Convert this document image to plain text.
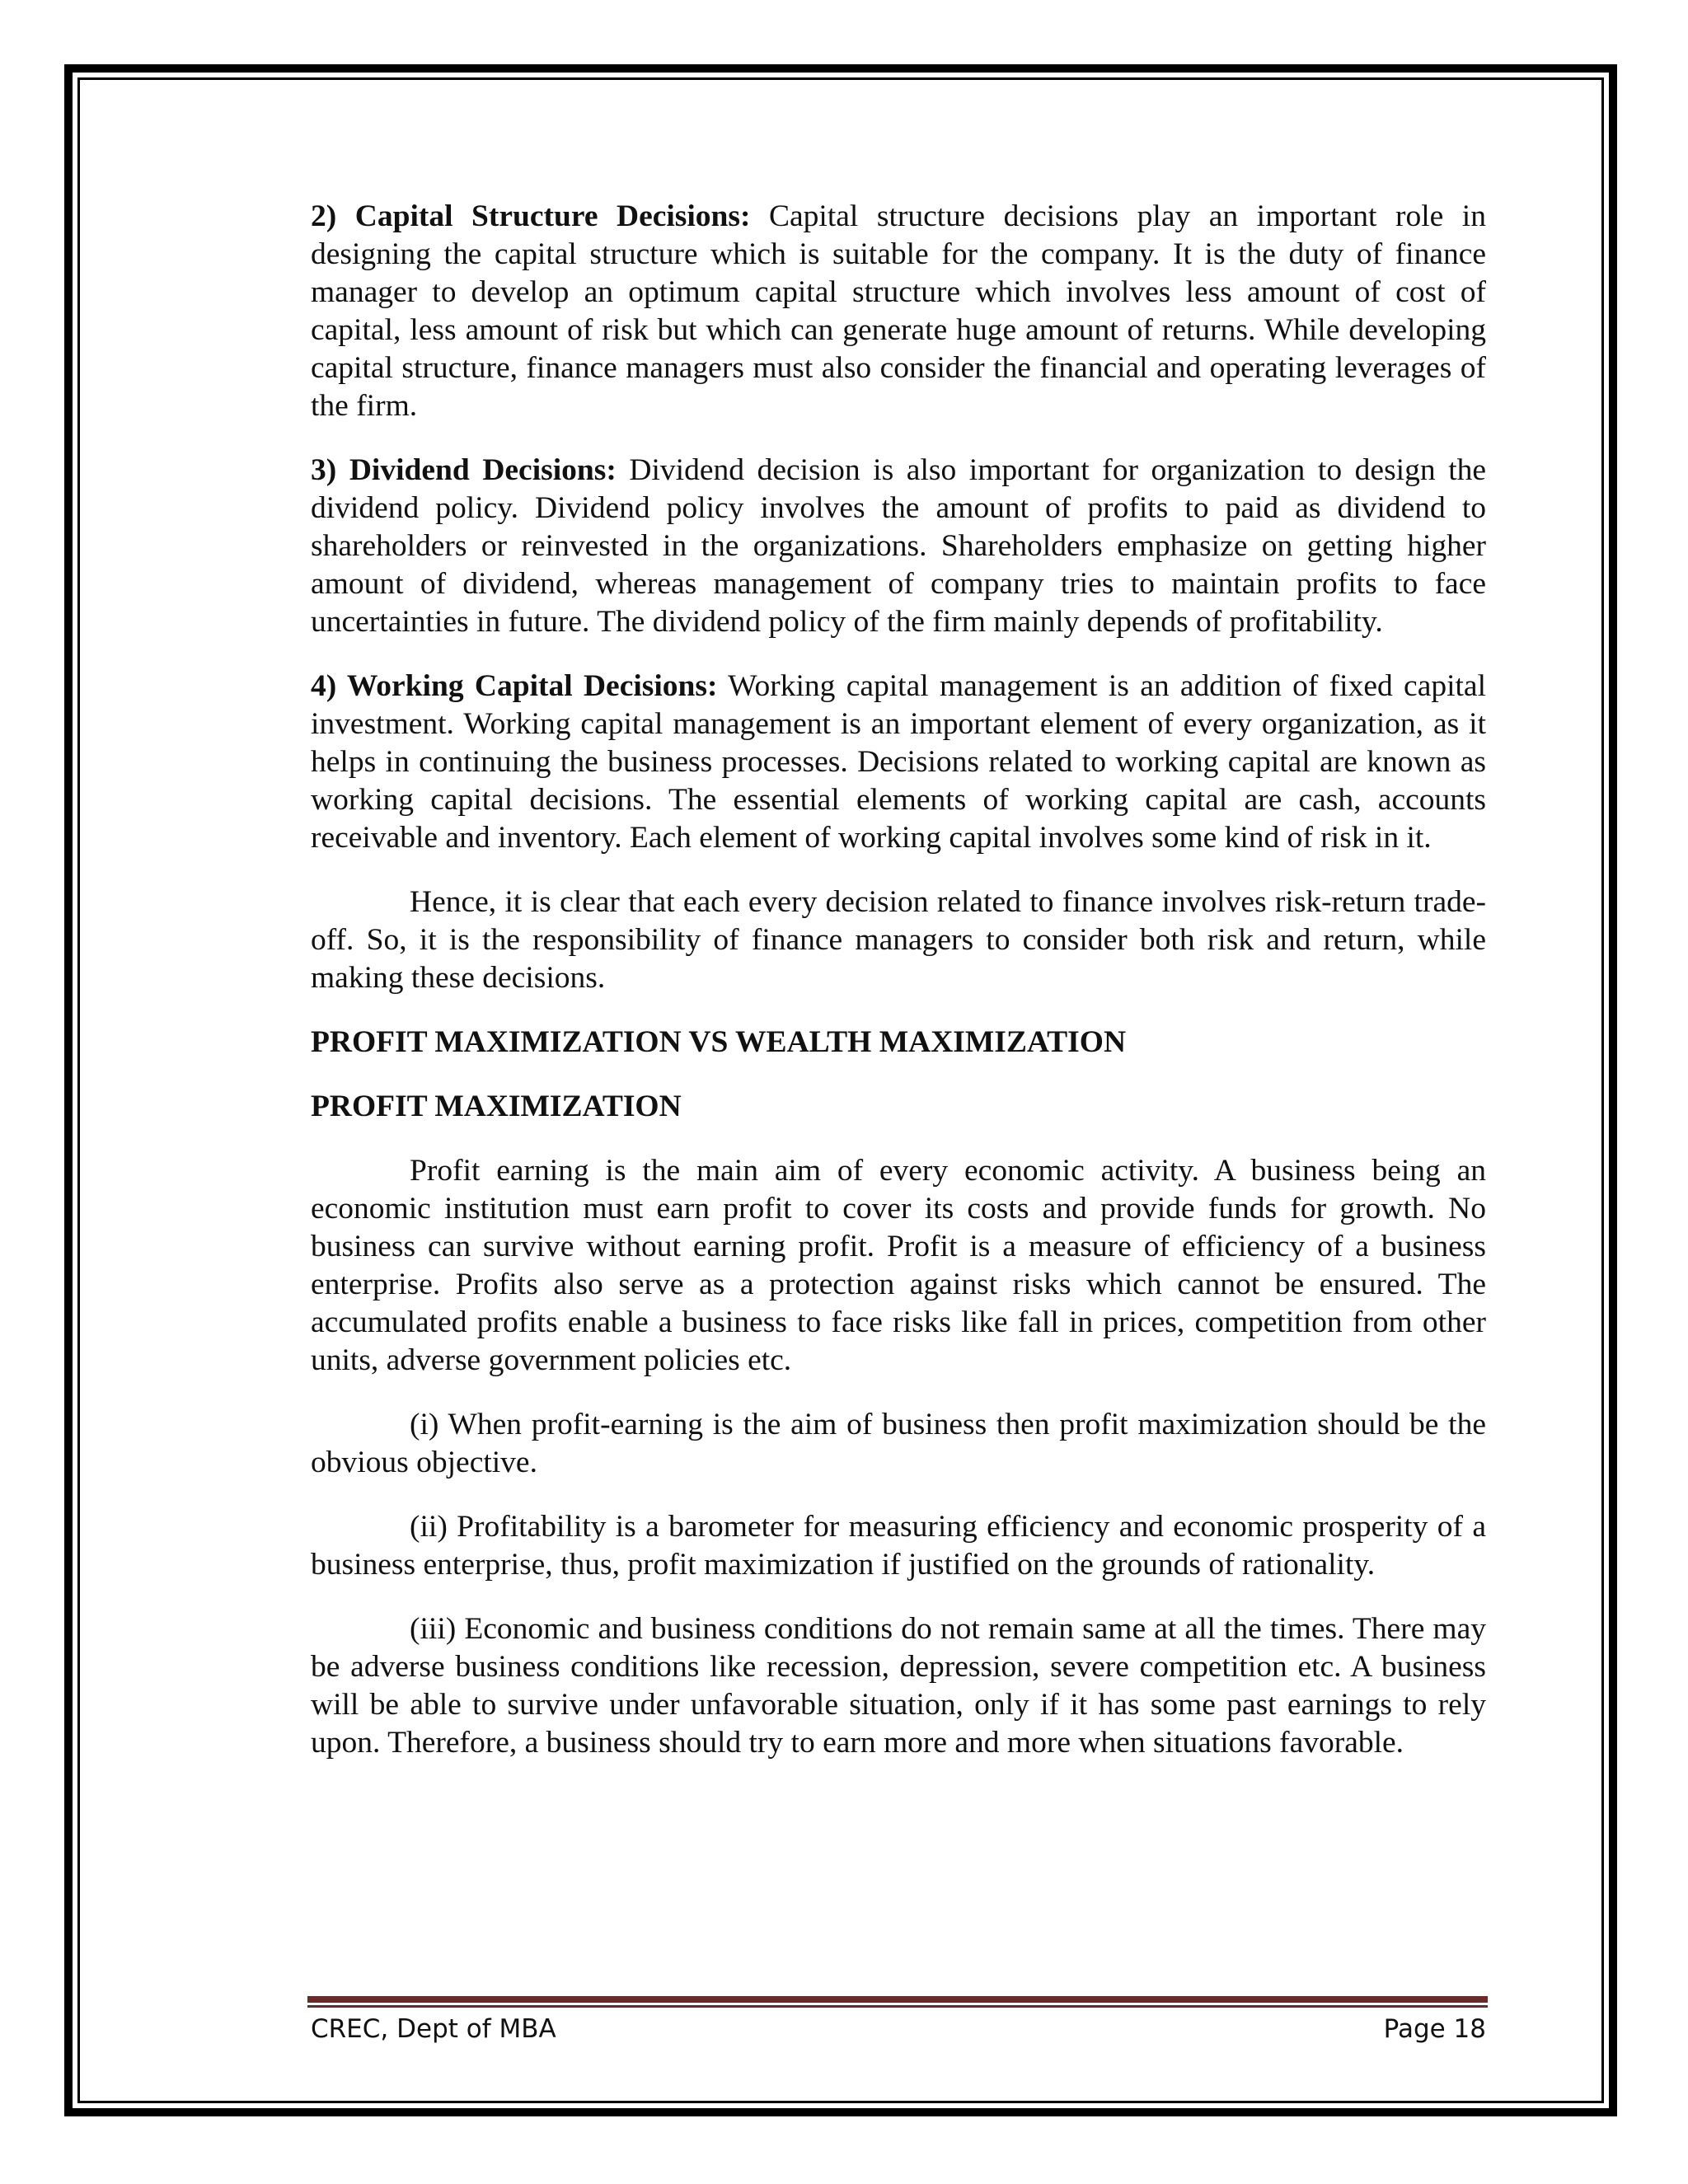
2) Capital Structure Decisions: Capital structure decisions play an important role in designing the capital structure which is suitable for the company. It is the duty of finance manager to develop an optimum capital structure which involves less amount of cost of capital, less amount of risk but which can generate huge amount of returns. While developing capital structure, finance managers must also consider the financial and operating leverages of the firm.

3) Dividend Decisions: Dividend decision is also important for organization to design the dividend policy. Dividend policy involves the amount of profits to paid as dividend to shareholders or reinvested in the organizations. Shareholders emphasize on getting higher amount of dividend, whereas management of company tries to maintain profits to face uncertainties in future. The dividend policy of the firm mainly depends of profitability.

4) Working Capital Decisions: Working capital management is an addition of fixed capital investment. Working capital management is an important element of every organization, as it helps in continuing the business processes. Decisions related to working capital are known as working capital decisions. The essential elements of working capital are cash, accounts receivable and inventory. Each element of working capital involves some kind of risk in it.

Hence, it is clear that each every decision related to finance involves risk-return trade-off. So, it is the responsibility of finance managers to consider both risk and return, while making these decisions.

PROFIT MAXIMIZATION VS WEALTH MAXIMIZATION
PROFIT MAXIMIZATION

Profit earning is the main aim of every economic activity. A business being an economic institution must earn profit to cover its costs and provide funds for growth. No business can survive without earning profit. Profit is a measure of efficiency of a business enterprise. Profits also serve as a protection against risks which cannot be ensured. The accumulated profits enable a business to face risks like fall in prices, competition from other units, adverse government policies etc.

(i) When profit-earning is the aim of business then profit maximization should be the obvious objective.

(ii) Profitability is a barometer for measuring efficiency and economic prosperity of a business enterprise, thus, profit maximization if justified on the grounds of rationality.

(iii) Economic and business conditions do not remain same at all the times. There may be adverse business conditions like recession, depression, severe competition etc. A business will be able to survive under unfavorable situation, only if it has some past earnings to rely upon. Therefore, a business should try to earn more and more when situations favorable.

CREC, Dept of MBA	Page 18
